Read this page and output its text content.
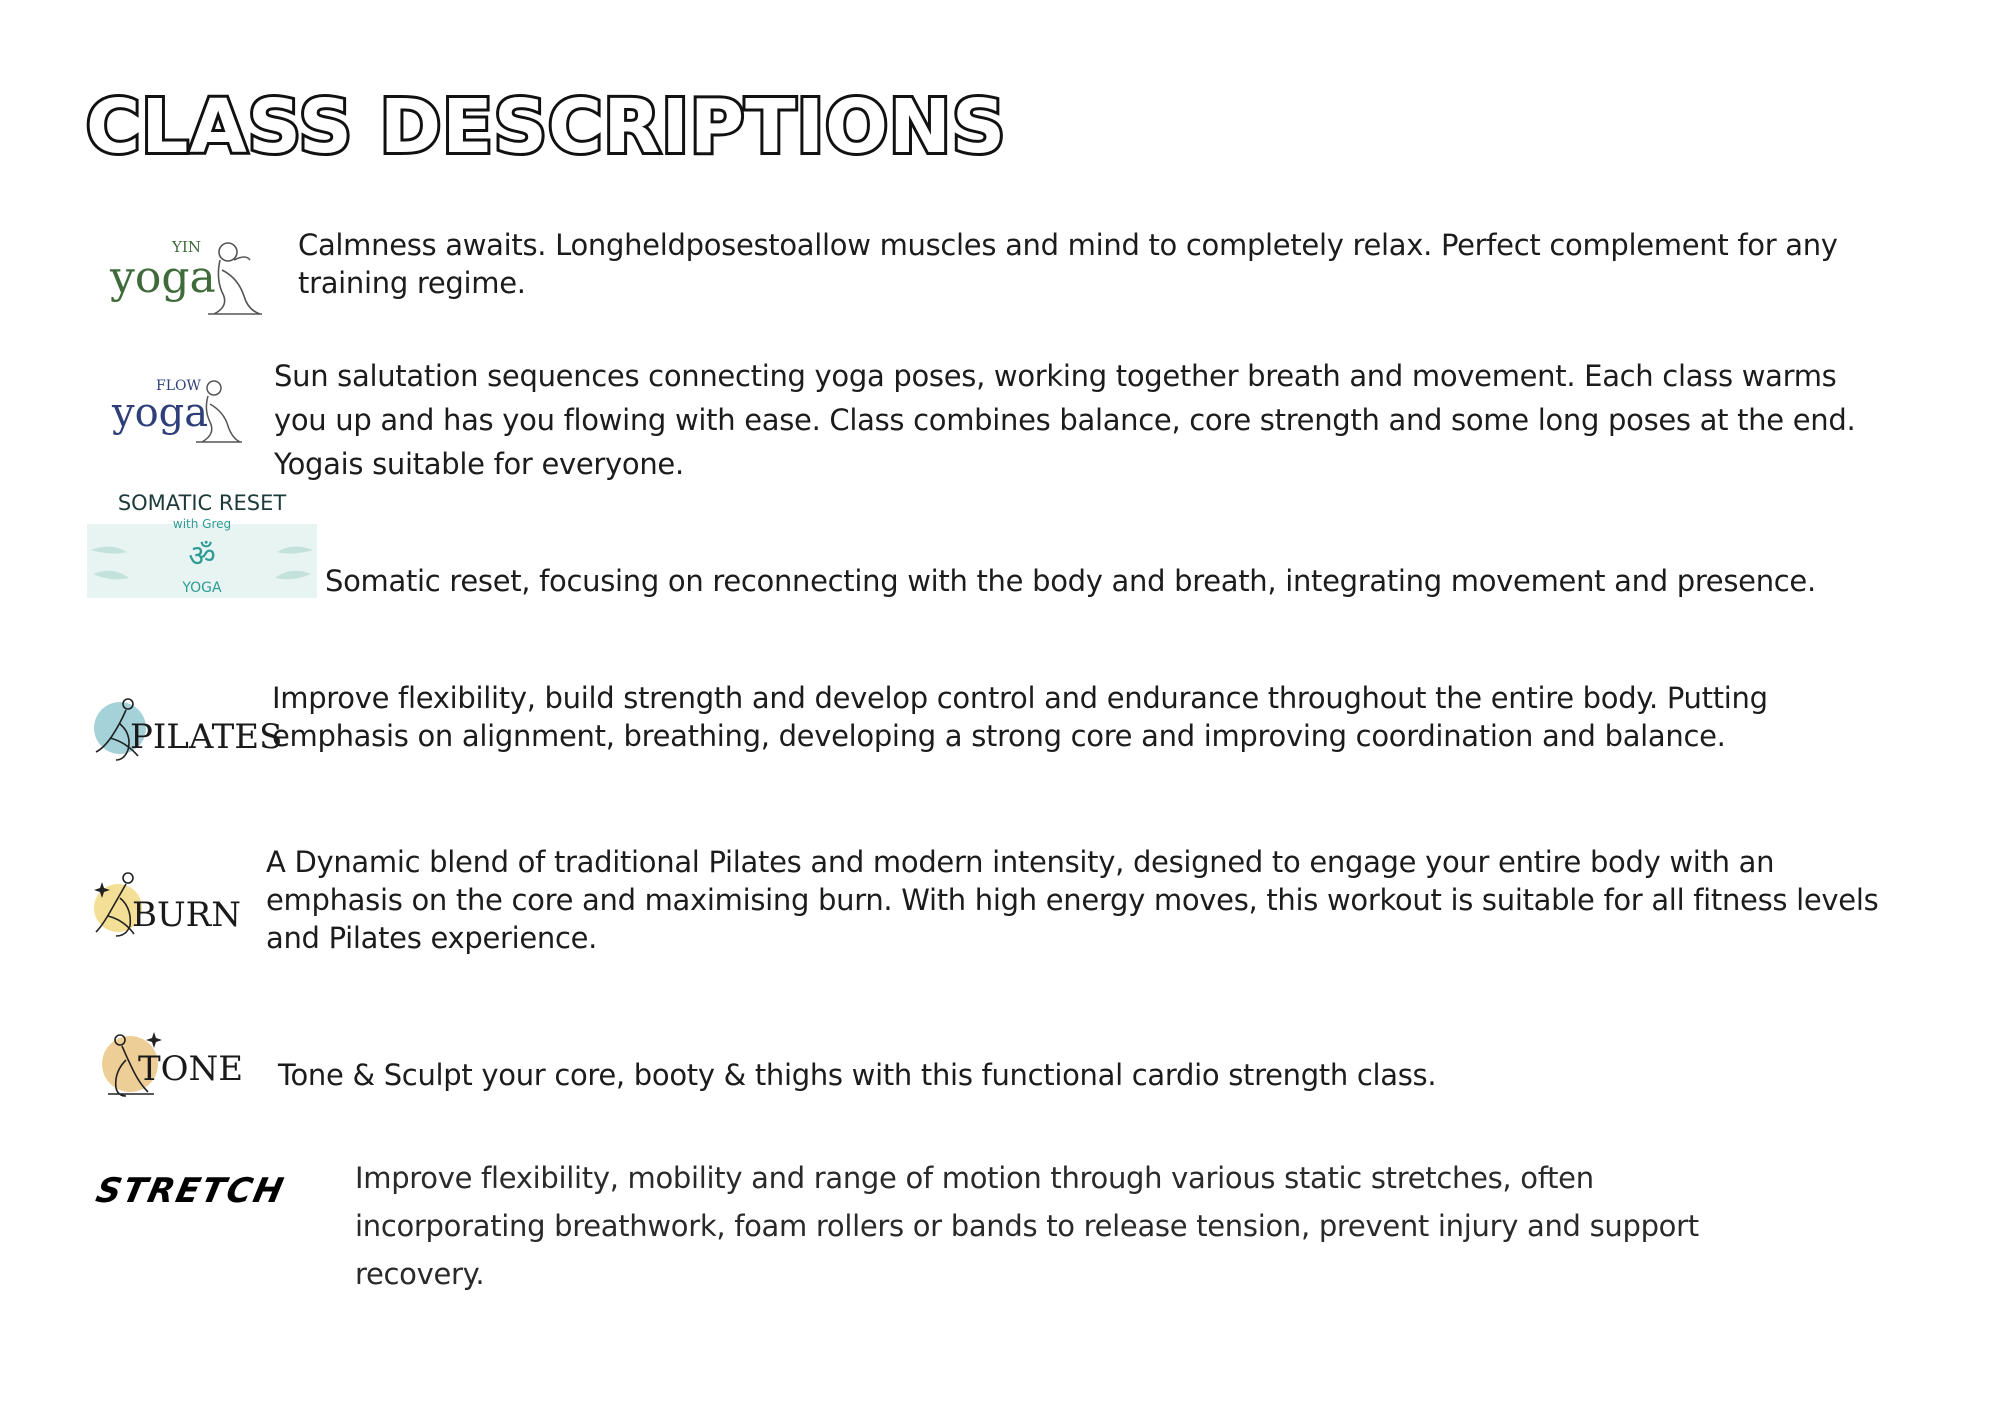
CLASS DESCRIPTIONS
YIN
yoga

Calmness awaits. Longheldposestoallow muscles and mind to completely relax. Perfect complement for any training regime.

FLOW
yoga

Sun salutation sequences connecting yoga poses, working together breath and movement. Each class warms you up and has you flowing with ease. Class combines balance, core strength and some long poses at the end. Yogais suitable for everyone.

SOMATIC RESET
with Greg
ॐ
YOGA	Somatic reset, focusing on reconnecting with the body and breath, integrating movement and presence.

PILATES

Improve flexibility, build strength and develop control and endurance throughout the entire body. Putting emphasis on alignment, breathing, developing a strong core and improving coordination and balance.

BURN

A Dynamic blend of traditional Pilates and modern intensity, designed to engage your entire body with an emphasis on the core and maximising burn. With high energy moves, this workout is suitable for all fitness levels and Pilates experience.

TONE Tone & Sculpt your core, booty & thighs with this functional cardio strength class.

STRETCH Improve flexibility, mobility and range of motion through various static stretches, often incorporating breathwork, foam rollers or bands to release tension, prevent injury and support recovery.
